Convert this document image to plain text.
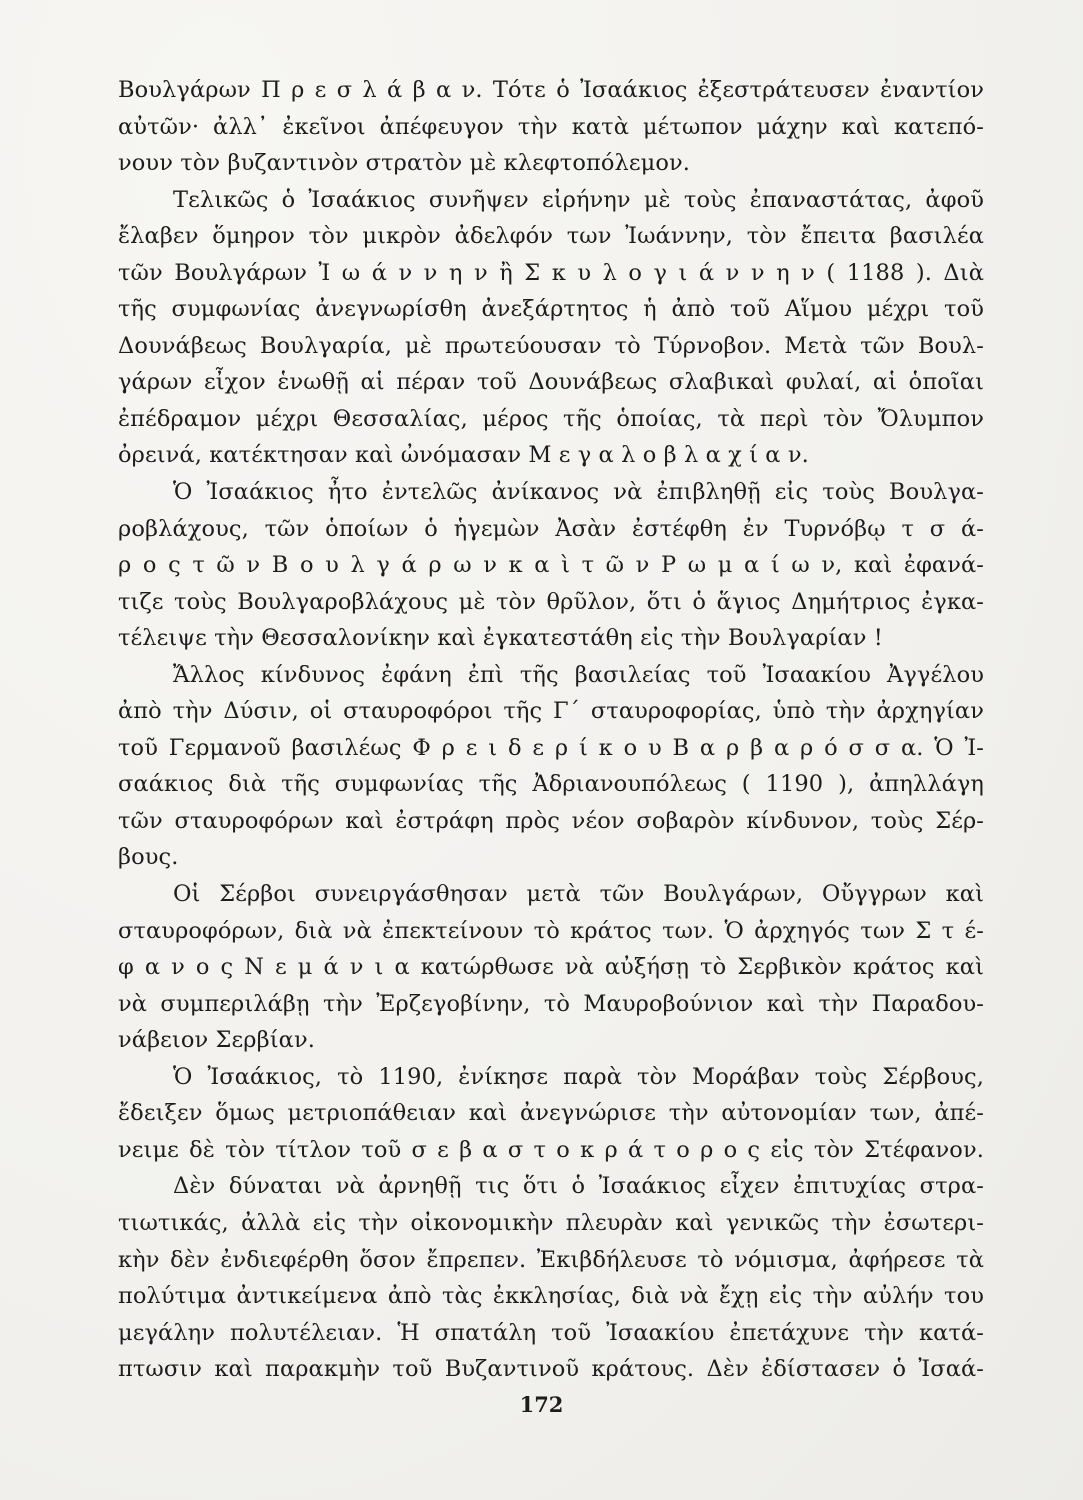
Βουλγάρων Π ρ ε σ λ ά β α ν. Τότε ὁ Ἰσαάκιος ἐξεστράτευσεν ἐναντίον
αὐτῶν· ἀλλ᾽ ἐκεῖνοι ἀπέφευγον τὴν κατὰ μέτωπον μάχην καὶ κατεπό-
νουν τὸν βυζαντινὸν στρατὸν μὲ κλεφτοπόλεμον.
Τελικῶς ὁ Ἰσαάκιος συνῆψεν εἰρήνην μὲ τοὺς ἐπαναστάτας, ἀφοῦ
ἔλαβεν ὅμηρον τὸν μικρὸν ἀδελφόν των Ἰωάννην, τὸν ἔπειτα βασιλέα
τῶν Βουλγάρων Ἰ ω ά ν ν η ν ἢ Σ κ υ λ ο γ ι ά ν ν η ν ( 1188 ). Διὰ
τῆς συμφωνίας ἀνεγνωρίσθη ἀνεξάρτητος ἡ ἀπὸ τοῦ Αἵμου μέχρι τοῦ
Δουνάβεως Βουλγαρία, μὲ πρωτεύουσαν τὸ Τύρνοβον. Μετὰ τῶν Βουλ-
γάρων εἶχον ἑνωθῇ αἱ πέραν τοῦ Δουνάβεως σλαβικαὶ φυλαί, αἱ ὁποῖαι
ἐπέδραμον μέχρι Θεσσαλίας, μέρος τῆς ὁποίας, τὰ περὶ τὸν Ὄλυμπον
ὀρεινά, κατέκτησαν καὶ ὠνόμασαν Μ ε γ α λ ο β λ α χ ί α ν.
Ὁ Ἰσαάκιος ἦτο ἐντελῶς ἀνίκανος νὰ ἐπιβληθῇ εἰς τοὺς Βουλγα-
ροβλάχους, τῶν ὁποίων ὁ ἡγεμὼν Ἀσὰν ἐστέφθη ἐν Τυρνόβῳ τ σ ά-
ρ ο ς τ ῶ ν Β ο υ λ γ ά ρ ω ν κ α ὶ τ ῶ ν Ρ ω μ α ί ω ν, καὶ ἐφανά-
τιζε τοὺς Βουλγαροβλάχους μὲ τὸν θρῦλον, ὅτι ὁ ἅγιος Δημήτριος ἐγκα-
τέλειψε τὴν Θεσσαλονίκην καὶ ἐγκατεστάθη εἰς τὴν Βουλγαρίαν !
Ἄλλος κίνδυνος ἐφάνη ἐπὶ τῆς βασιλείας τοῦ Ἰσαακίου Ἀγγέλου
ἀπὸ τὴν Δύσιν, οἱ σταυροφόροι τῆς Γ´ σταυροφορίας, ὑπὸ τὴν ἀρχηγίαν
τοῦ Γερμανοῦ βασιλέως Φ ρ ε ι δ ε ρ ί κ ο υ Β α ρ β α ρ ό σ σ α. Ὁ Ἰ-
σαάκιος διὰ τῆς συμφωνίας τῆς Ἀδριανουπόλεως ( 1190 ), ἀπηλλάγη
τῶν σταυροφόρων καὶ ἐστράφη πρὸς νέον σοβαρὸν κίνδυνον, τοὺς Σέρ-
βους.
Οἱ Σέρβοι συνειργάσθησαν μετὰ τῶν Βουλγάρων, Οὔγγρων καὶ
σταυροφόρων, διὰ νὰ ἐπεκτείνουν τὸ κράτος των. Ὁ ἀρχηγός των Σ τ έ-
φ α ν ο ς Ν ε μ ά ν ι α κατώρθωσε νὰ αὐξήσῃ τὸ Σερβικὸν κράτος καὶ
νὰ συμπεριλάβῃ τὴν Ἐρζεγοβίνην, τὸ Μαυροβούνιον καὶ τὴν Παραδου-
νάβειον Σερβίαν.
Ὁ Ἰσαάκιος, τὸ 1190, ἐνίκησε παρὰ τὸν Μοράβαν τοὺς Σέρβους,
ἔδειξεν ὅμως μετριοπάθειαν καὶ ἀνεγνώρισε τὴν αὐτονομίαν των, ἀπέ-
νειμε δὲ τὸν τίτλον τοῦ σ ε β α σ τ ο κ ρ ά τ ο ρ ο ς εἰς τὸν Στέφανον.
Δὲν δύναται νὰ ἀρνηθῇ τις ὅτι ὁ Ἰσαάκιος εἶχεν ἐπιτυχίας στρα-
τιωτικάς, ἀλλὰ εἰς τὴν οἰκονομικὴν πλευρὰν καὶ γενικῶς τὴν ἐσωτερι-
κὴν δὲν ἐνδιεφέρθη ὅσον ἔπρεπεν. Ἐκιβδήλευσε τὸ νόμισμα, ἀφήρεσε τὰ
πολύτιμα ἀντικείμενα ἀπὸ τὰς ἐκκλησίας, διὰ νὰ ἔχῃ εἰς τὴν αὐλήν του
μεγάλην πολυτέλειαν. Ἡ σπατάλη τοῦ Ἰσαακίου ἐπετάχυνε τὴν κατά-
πτωσιν καὶ παρακμὴν τοῦ Βυζαντινοῦ κράτους. Δὲν ἐδίστασεν ὁ Ἰσαά-
172
